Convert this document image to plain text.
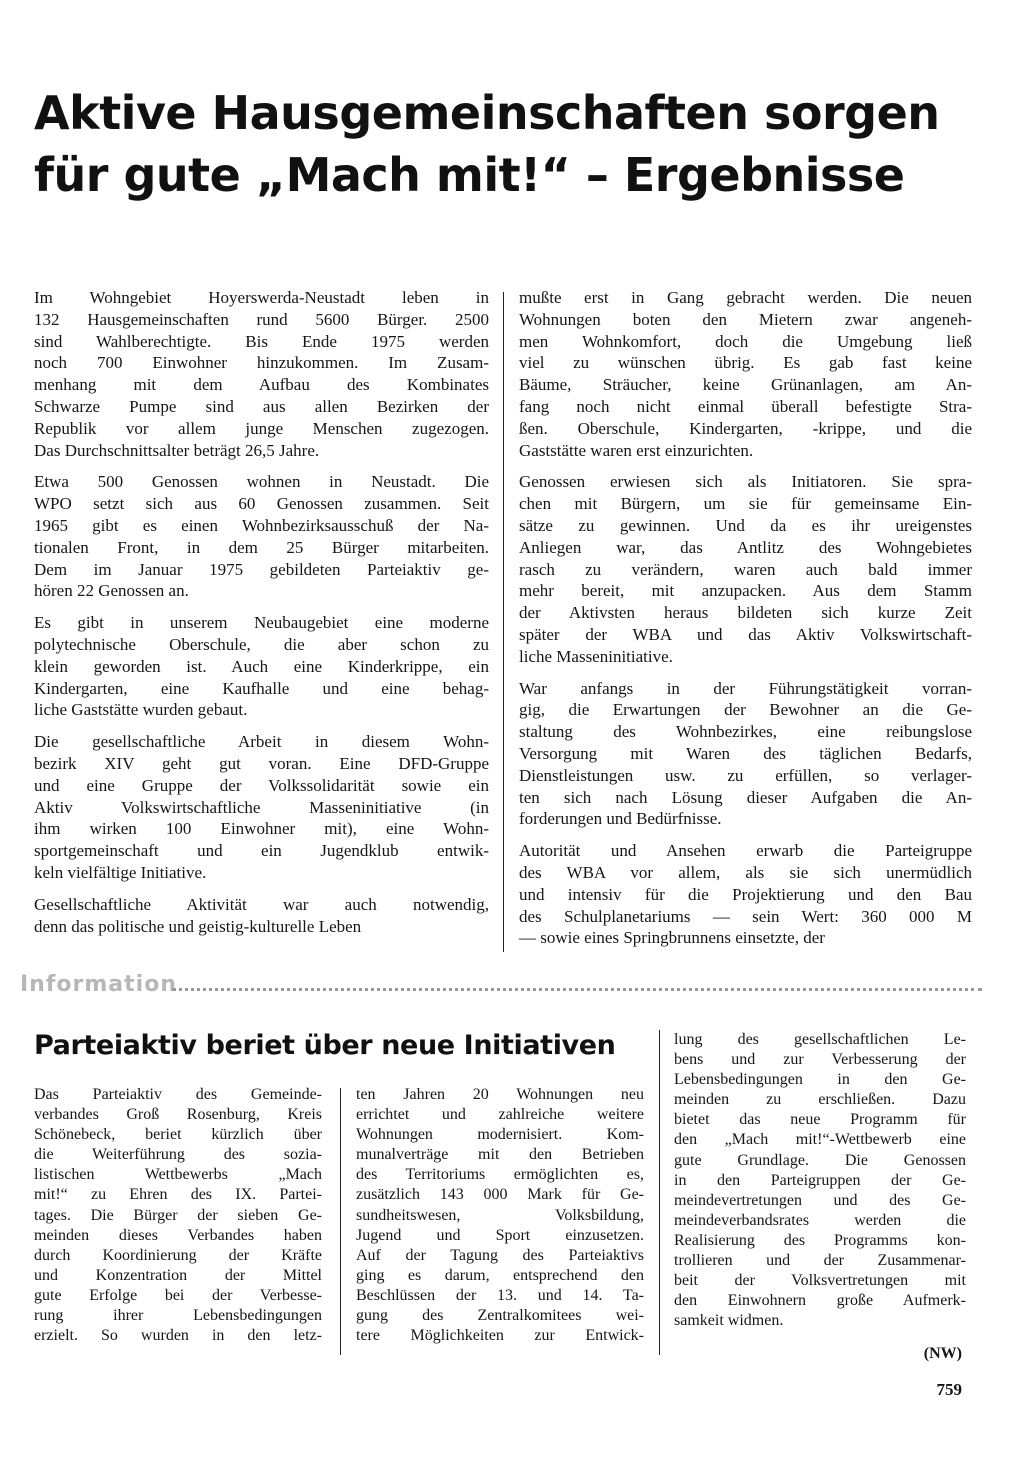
Aktive Hausgemeinschaften sorgen
für gute „Mach mit!“ – Ergebnisse

Im Wohngebiet Hoyerswerda-Neustadt leben in
132 Hausgemeinschaften rund 5600 Bürger. 2500
sind Wahlberechtigte. Bis Ende 1975 werden
noch 700 Einwohner hinzukommen. Im Zusam-
menhang mit dem Aufbau des Kombinates
Schwarze Pumpe sind aus allen Bezirken der
Republik vor allem junge Menschen zugezogen.
Das Durchschnittsalter beträgt 26,5 Jahre.

Etwa 500 Genossen wohnen in Neustadt. Die
WPO setzt sich aus 60 Genossen zusammen. Seit
1965 gibt es einen Wohnbezirksausschuß der Na-
tionalen Front, in dem 25 Bürger mitarbeiten.
Dem im Januar 1975 gebildeten Parteiaktiv ge-
hören 22 Genossen an.

Es gibt in unserem Neubaugebiet eine moderne
polytechnische Oberschule, die aber schon zu
klein geworden ist. Auch eine Kinderkrippe, ein
Kindergarten, eine Kaufhalle und eine behag-
liche Gaststätte wurden gebaut.

Die gesellschaftliche Arbeit in diesem Wohn-
bezirk XIV geht gut voran. Eine DFD-Gruppe
und eine Gruppe der Volkssolidarität sowie ein
Aktiv Volkswirtschaftliche Masseninitiative (in
ihm wirken 100 Einwohner mit), eine Wohn-
sportgemeinschaft und ein Jugendklub entwik-
keln vielfältige Initiative.

Gesellschaftliche Aktivität war auch notwendig,
denn das politische und geistig-kulturelle Leben

mußte erst in Gang gebracht werden. Die neuen
Wohnungen boten den Mietern zwar angeneh-
men Wohnkomfort, doch die Umgebung ließ
viel zu wünschen übrig. Es gab fast keine
Bäume, Sträucher, keine Grünanlagen, am An-
fang noch nicht einmal überall befestigte Stra-
ßen. Oberschule, Kindergarten, -krippe, und die
Gaststätte waren erst einzurichten.

Genossen erwiesen sich als Initiatoren. Sie spra-
chen mit Bürgern, um sie für gemeinsame Ein-
sätze zu gewinnen. Und da es ihr ureigenstes
Anliegen war, das Antlitz des Wohngebietes
rasch zu verändern, waren auch bald immer
mehr bereit, mit anzupacken. Aus dem Stamm
der Aktivsten heraus bildeten sich kurze Zeit
später der WBA und das Aktiv Volkswirtschaft-
liche Masseninitiative.

War anfangs in der Führungstätigkeit vorran-
gig, die Erwartungen der Bewohner an die Ge-
staltung des Wohnbezirkes, eine reibungslose
Versorgung mit Waren des täglichen Bedarfs,
Dienstleistungen usw. zu erfüllen, so verlager-
ten sich nach Lösung dieser Aufgaben die An-
forderungen und Bedürfnisse.

Autorität und Ansehen erwarb die Parteigruppe
des WBA vor allem, als sie sich unermüdlich
und intensiv für die Projektierung und den Bau
des Schulplanetariums — sein Wert: 360 000 M
— sowie eines Springbrunnens einsetzte, der

Information
Parteiaktiv beriet über neue Initiativen

Das Parteiaktiv des Gemeinde-
verbandes Groß Rosenburg, Kreis
Schönebeck, beriet kürzlich über
die Weiterführung des sozia-
listischen Wettbewerbs „Mach
mit!“ zu Ehren des IX. Partei-
tages. Die Bürger der sieben Ge-
meinden dieses Verbandes haben
durch Koordinierung der Kräfte
und Konzentration der Mittel
gute Erfolge bei der Verbesse-
rung ihrer Lebensbedingungen
erzielt. So wurden in den letz-

ten Jahren 20 Wohnungen neu
errichtet und zahlreiche weitere
Wohnungen modernisiert. Kom-
munalverträge mit den Betrieben
des Territoriums ermöglichten es,
zusätzlich 143 000 Mark für Ge-
sundheitswesen, Volksbildung,
Jugend und Sport einzusetzen.
Auf der Tagung des Parteiaktivs
ging es darum, entsprechend den
Beschlüssen der 13. und 14. Ta-
gung des Zentralkomitees wei-
tere Möglichkeiten zur Entwick-

lung des gesellschaftlichen Le-
bens und zur Verbesserung der
Lebensbedingungen in den Ge-
meinden zu erschließen. Dazu
bietet das neue Programm für
den „Mach mit!“-Wettbewerb eine
gute Grundlage. Die Genossen
in den Parteigruppen der Ge-
meindevertretungen und des Ge-
meindeverbandsrates werden die
Realisierung des Programms kon-
trollieren und der Zusammenar-
beit der Volksvertretungen mit
den Einwohnern große Aufmerk-
samkeit widmen.

(NW)
759
